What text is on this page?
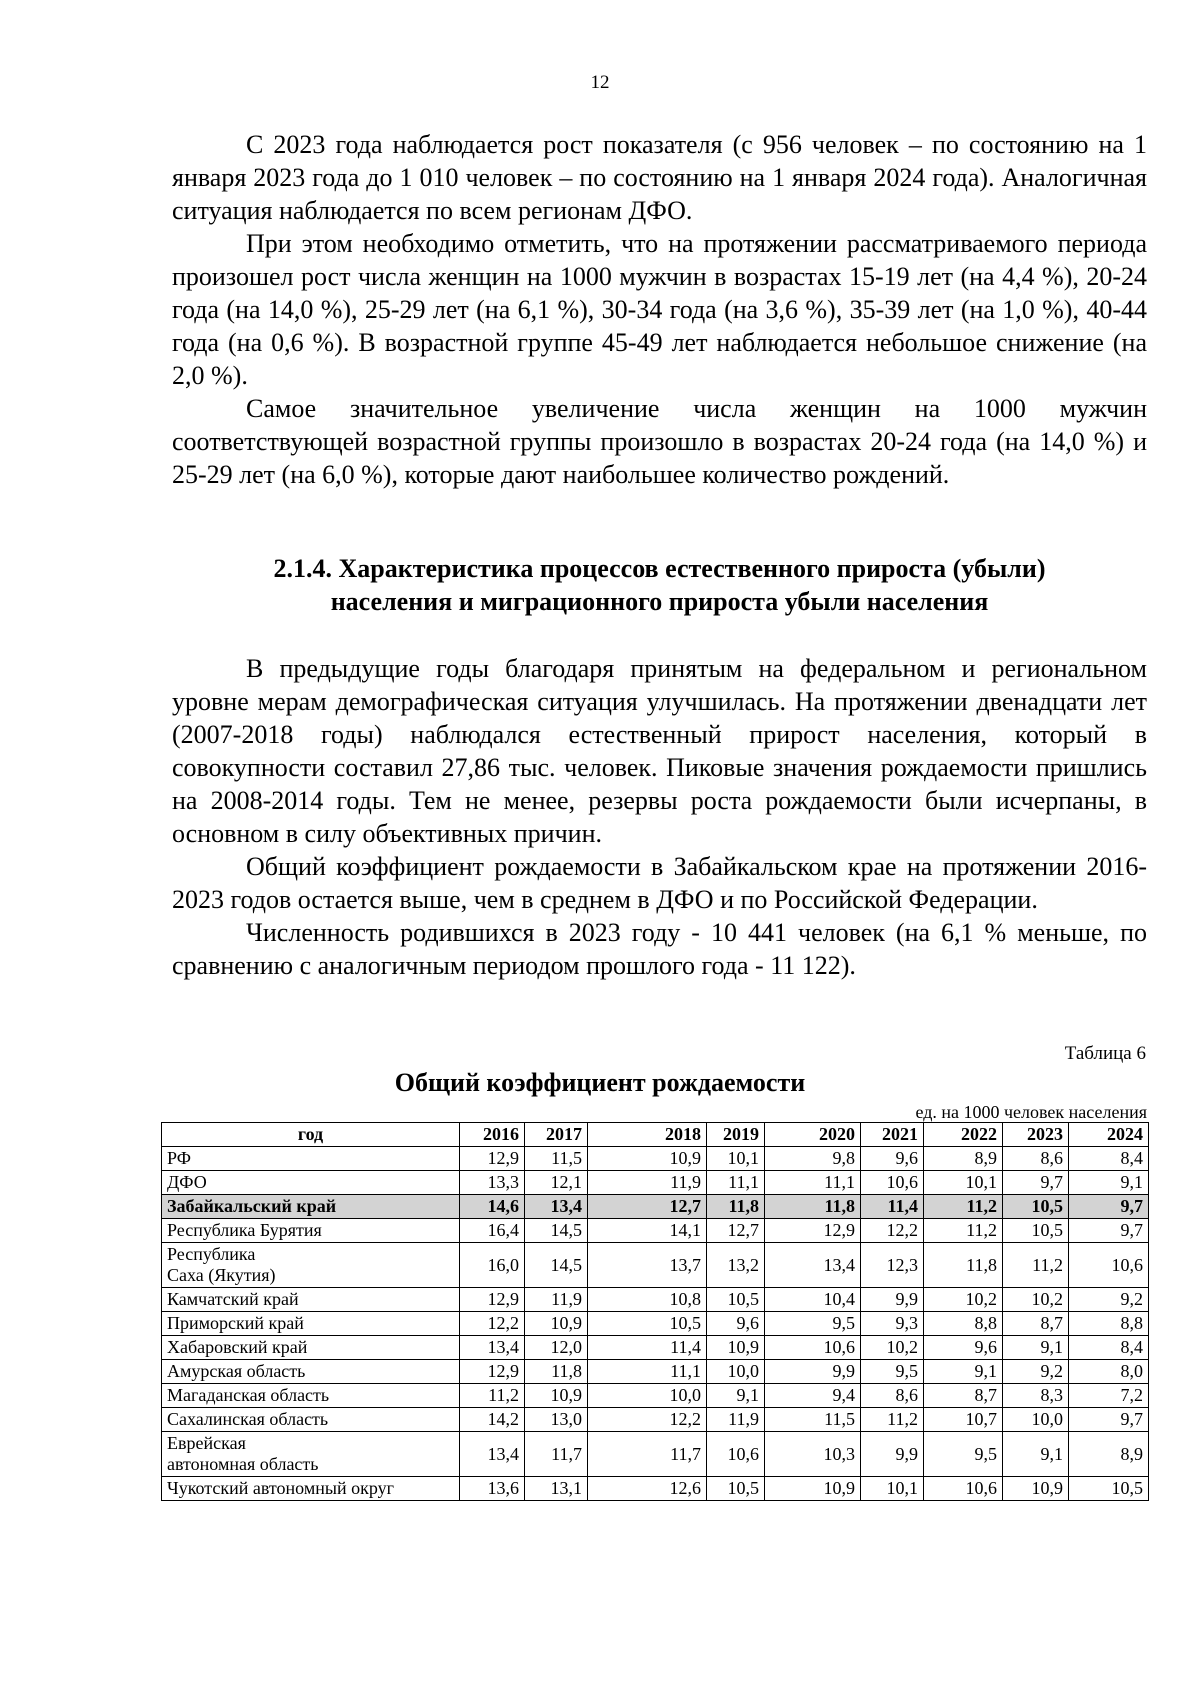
12

С 2023 года наблюдается рост показателя (с 956 человек – по состоянию на 1 января 2023 года до 1 010 человек – по состоянию на 1 января 2024 года). Аналогичная ситуация наблюдается по всем регионам ДФО.

При этом необходимо отметить, что на протяжении рассматриваемого периода произошел рост числа женщин на 1000 мужчин в возрастах 15-19 лет (на 4,4 %), 20-24 года (на 14,0 %), 25-29 лет (на 6,1 %), 30-34 года (на 3,6 %), 35-39 лет (на 1,0 %), 40-44 года (на 0,6 %). В возрастной группе 45-49 лет наблюдается небольшое снижение (на 2,0 %).

Самое значительное увеличение числа женщин на 1000 мужчин соответствующей возрастной группы произошло в возрастах 20-24 года (на 14,0 %) и 25-29 лет (на 6,0 %), которые дают наибольшее количество рождений.

2.1.4. Характеристика процессов естественного прироста (убыли)
населения и миграционного прироста убыли населения

В предыдущие годы благодаря принятым на федеральном и региональном уровне мерам демографическая ситуация улучшилась. На протяжении двенадцати лет (2007-2018 годы) наблюдался естественный прирост населения, который в совокупности составил 27,86 тыс. человек. Пиковые значения рождаемости пришлись на 2008-2014 годы. Тем не менее, резервы роста рождаемости были исчерпаны, в основном в силу объективных причин.

Общий коэффициент рождаемости в Забайкальском крае на протяжении 2016-2023 годов остается выше, чем в среднем в ДФО и по Российской Федерации.

Численность родившихся в 2023 году - 10 441 человек (на 6,1 % меньше, по сравнению с аналогичным периодом прошлого года - 11 122).

Таблица 6
Общий коэффициент рождаемости
ед. на 1000 человек населения
год	2016	2017	2018	2019	2020	2021	2022	2023	2024
РФ	12,9	11,5	10,9	10,1	9,8	9,6	8,9	8,6	8,4
ДФО	13,3	12,1	11,9	11,1	11,1	10,6	10,1	9,7	9,1
Забайкальский край	14,6	13,4	12,7	11,8	11,8	11,4	11,2	10,5	9,7
Республика Бурятия	16,4	14,5	14,1	12,7	12,9	12,2	11,2	10,5	9,7
Республика
Саха (Якутия)	16,0	14,5	13,7	13,2	13,4	12,3	11,8	11,2	10,6
Камчатский край	12,9	11,9	10,8	10,5	10,4	9,9	10,2	10,2	9,2
Приморский край	12,2	10,9	10,5	9,6	9,5	9,3	8,8	8,7	8,8
Хабаровский край	13,4	12,0	11,4	10,9	10,6	10,2	9,6	9,1	8,4
Амурская область	12,9	11,8	11,1	10,0	9,9	9,5	9,1	9,2	8,0
Магаданская область	11,2	10,9	10,0	9,1	9,4	8,6	8,7	8,3	7,2
Сахалинская область	14,2	13,0	12,2	11,9	11,5	11,2	10,7	10,0	9,7
Еврейская
автономная область	13,4	11,7	11,7	10,6	10,3	9,9	9,5	9,1	8,9
Чукотский автономный округ	13,6	13,1	12,6	10,5	10,9	10,1	10,6	10,9	10,5
